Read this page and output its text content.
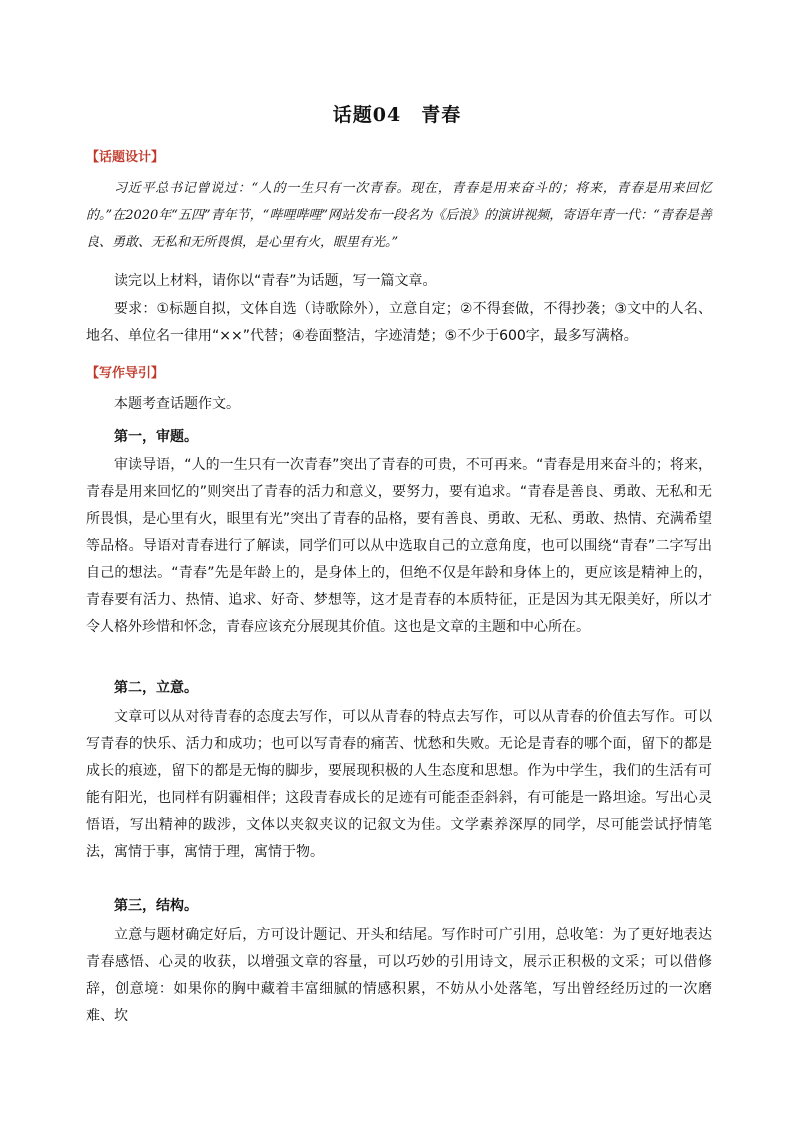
话题04　青春
【话题设计】
习近平总书记曾说过：“人的一生只有一次青春。现在，青春是用来奋斗的；将来，青春是用来回忆的。”在2020年“五四”青年节，“哔哩哔哩”网站发布一段名为《后浪》的演讲视频，寄语年青一代：“青春是善良、勇敢、无私和无所畏惧，是心里有火，眼里有光。”
读完以上材料，请你以“青春”为话题，写一篇文章。
要求：①标题自拟，文体自选（诗歌除外），立意自定；②不得套做，不得抄袭；③文中的人名、地名、单位名一律用“××”代替；④卷面整洁，字迹清楚；⑤不少于600字，最多写满格。
【写作导引】
本题考查话题作文。
第一，审题。
审读导语，“人的一生只有一次青春”突出了青春的可贵，不可再来。“青春是用来奋斗的；将来，青春是用来回忆的”则突出了青春的活力和意义，要努力，要有追求。“青春是善良、勇敢、无私和无所畏惧，是心里有火，眼里有光”突出了青春的品格，要有善良、勇敢、无私、勇敢、热情、充满希望等品格。导语对青春进行了解读，同学们可以从中选取自己的立意角度，也可以围绕“青春”二字写出自己的想法。“青春”先是年龄上的，是身体上的，但绝不仅是年龄和身体上的，更应该是精神上的，青春要有活力、热情、追求、好奇、梦想等，这才是青春的本质特征，正是因为其无限美好，所以才令人格外珍惜和怀念，青春应该充分展现其价值。这也是文章的主题和中心所在。
第二，立意。
文章可以从对待青春的态度去写作，可以从青春的特点去写作，可以从青春的价值去写作。可以写青春的快乐、活力和成功；也可以写青春的痛苦、忧愁和失败。无论是青春的哪个面，留下的都是成长的痕迹，留下的都是无悔的脚步，要展现积极的人生态度和思想。作为中学生，我们的生活有可能有阳光，也同样有阴霾相伴；这段青春成长的足迹有可能歪歪斜斜，有可能是一路坦途。写出心灵悟语，写出精神的跋涉，文体以夹叙夹议的记叙文为佳。文学素养深厚的同学，尽可能尝试抒情笔法，寓情于事，寓情于理，寓情于物。
第三，结构。
立意与题材确定好后，方可设计题记、开头和结尾。写作时可广引用，总收笔：为了更好地表达青春感悟、心灵的收获，以增强文章的容量，可以巧妙的引用诗文，展示正积极的文采；可以借修辞，创意境：如果你的胸中藏着丰富细腻的情感积累，不妨从小处落笔，写出曾经经历过的一次磨难、坎
